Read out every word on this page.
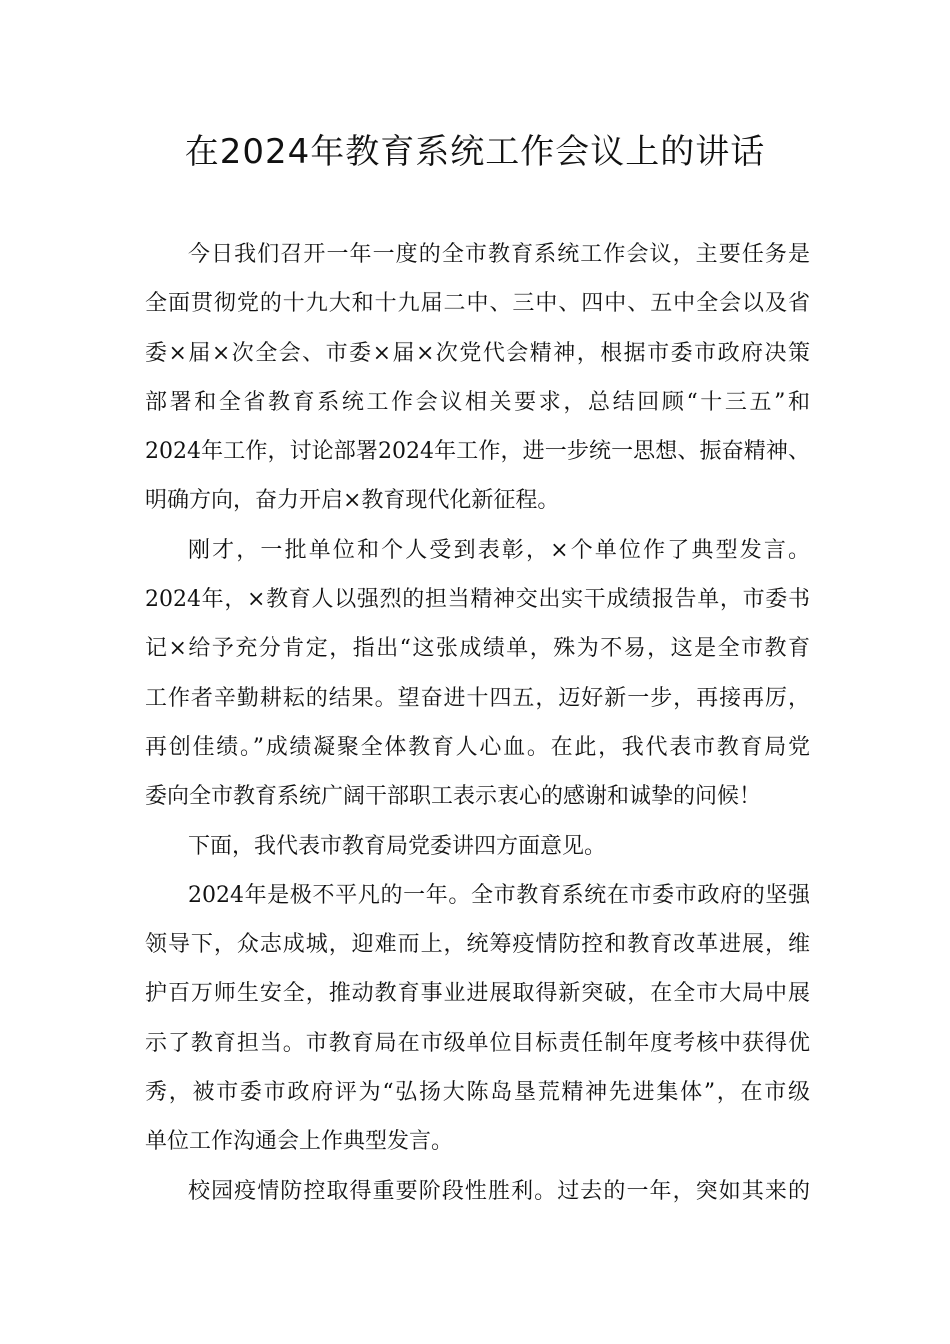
在2024年教育系统工作会议上的讲话
今日我们召开一年一度的全市教育系统工作会议，主要任务是
全面贯彻党的十九大和十九届二中、三中、四中、五中全会以及省
委×届×次全会、市委×届×次党代会精神，根据市委市政府决策
部署和全省教育系统工作会议相关要求，总结回顾“十三五”和
2024年工作，讨论部署2024年工作，进一步统一思想、振奋精神、
明确方向，奋力开启×教育现代化新征程。
刚才，一批单位和个人受到表彰，×个单位作了典型发言。
2024年，×教育人以强烈的担当精神交出实干成绩报告单，市委书
记×给予充分肯定，指出“这张成绩单，殊为不易，这是全市教育
工作者辛勤耕耘的结果。望奋进十四五，迈好新一步，再接再厉，
再创佳绩。”成绩凝聚全体教育人心血。在此，我代表市教育局党
委向全市教育系统广阔干部职工表示衷心的感谢和诚挚的问候！
下面，我代表市教育局党委讲四方面意见。
2024年是极不平凡的一年。全市教育系统在市委市政府的坚强
领导下，众志成城，迎难而上，统筹疫情防控和教育改革进展，维
护百万师生安全，推动教育事业进展取得新突破，在全市大局中展
示了教育担当。市教育局在市级单位目标责任制年度考核中获得优
秀，被市委市政府评为“弘扬大陈岛垦荒精神先进集体”，在市级
单位工作沟通会上作典型发言。
校园疫情防控取得重要阶段性胜利。过去的一年，突如其来的
